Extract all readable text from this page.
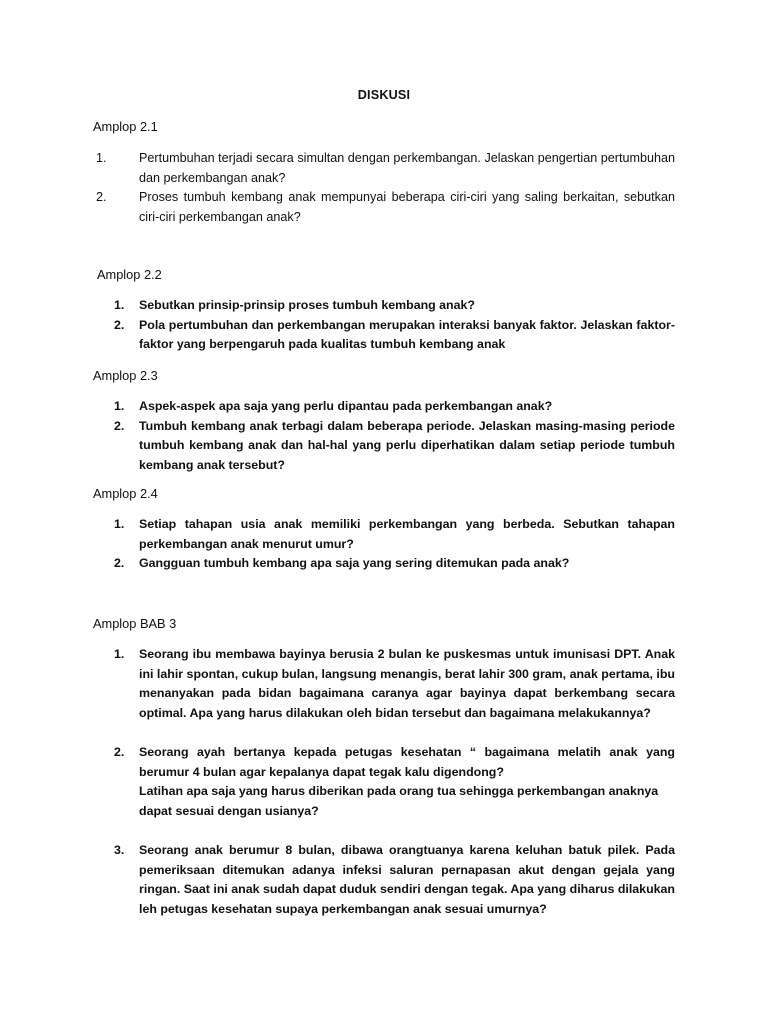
DISKUSI
Amplop 2.1
1.	Pertumbuhan terjadi secara simultan dengan perkembangan. Jelaskan pengertian pertumbuhan dan perkembangan anak?
2.	Proses tumbuh kembang anak mempunyai beberapa ciri-ciri yang saling berkaitan, sebutkan ciri-ciri perkembangan anak?
Amplop 2.2
1. Sebutkan prinsip-prinsip proses tumbuh kembang anak?
2. Pola pertumbuhan dan perkembangan merupakan interaksi banyak faktor. Jelaskan faktor-faktor yang berpengaruh pada kualitas tumbuh kembang anak
Amplop 2.3
1. Aspek-aspek apa saja yang perlu dipantau pada perkembangan anak?
2. Tumbuh kembang anak terbagi dalam beberapa periode. Jelaskan masing-masing periode tumbuh kembang anak dan hal-hal yang perlu diperhatikan dalam setiap periode tumbuh kembang anak tersebut?
Amplop 2.4
1. Setiap tahapan usia anak memiliki perkembangan yang berbeda. Sebutkan tahapan perkembangan anak menurut umur?
2. Gangguan tumbuh kembang apa saja yang sering ditemukan pada anak?
Amplop BAB 3
1. Seorang ibu membawa bayinya berusia 2 bulan ke puskesmas untuk imunisasi DPT. Anak ini lahir spontan, cukup bulan, langsung menangis, berat lahir 300 gram, anak pertama, ibu menanyakan pada bidan bagaimana caranya agar bayinya dapat berkembang secara optimal. Apa yang harus dilakukan oleh bidan tersebut dan bagaimana melakukannya?
2. Seorang ayah bertanya kepada petugas kesehatan “ bagaimana melatih anak yang berumur 4 bulan agar kepalanya dapat tegak kalu digendong?
Latihan apa saja yang harus diberikan pada orang tua sehingga perkembangan anaknya dapat sesuai dengan usianya?
3. Seorang anak berumur 8 bulan, dibawa orangtuanya karena keluhan batuk pilek. Pada pemeriksaan ditemukan adanya infeksi saluran pernapasan akut dengan gejala yang ringan. Saat ini anak sudah dapat duduk sendiri dengan tegak. Apa yang diharus dilakukan leh petugas kesehatan supaya perkembangan anak sesuai umurnya?
